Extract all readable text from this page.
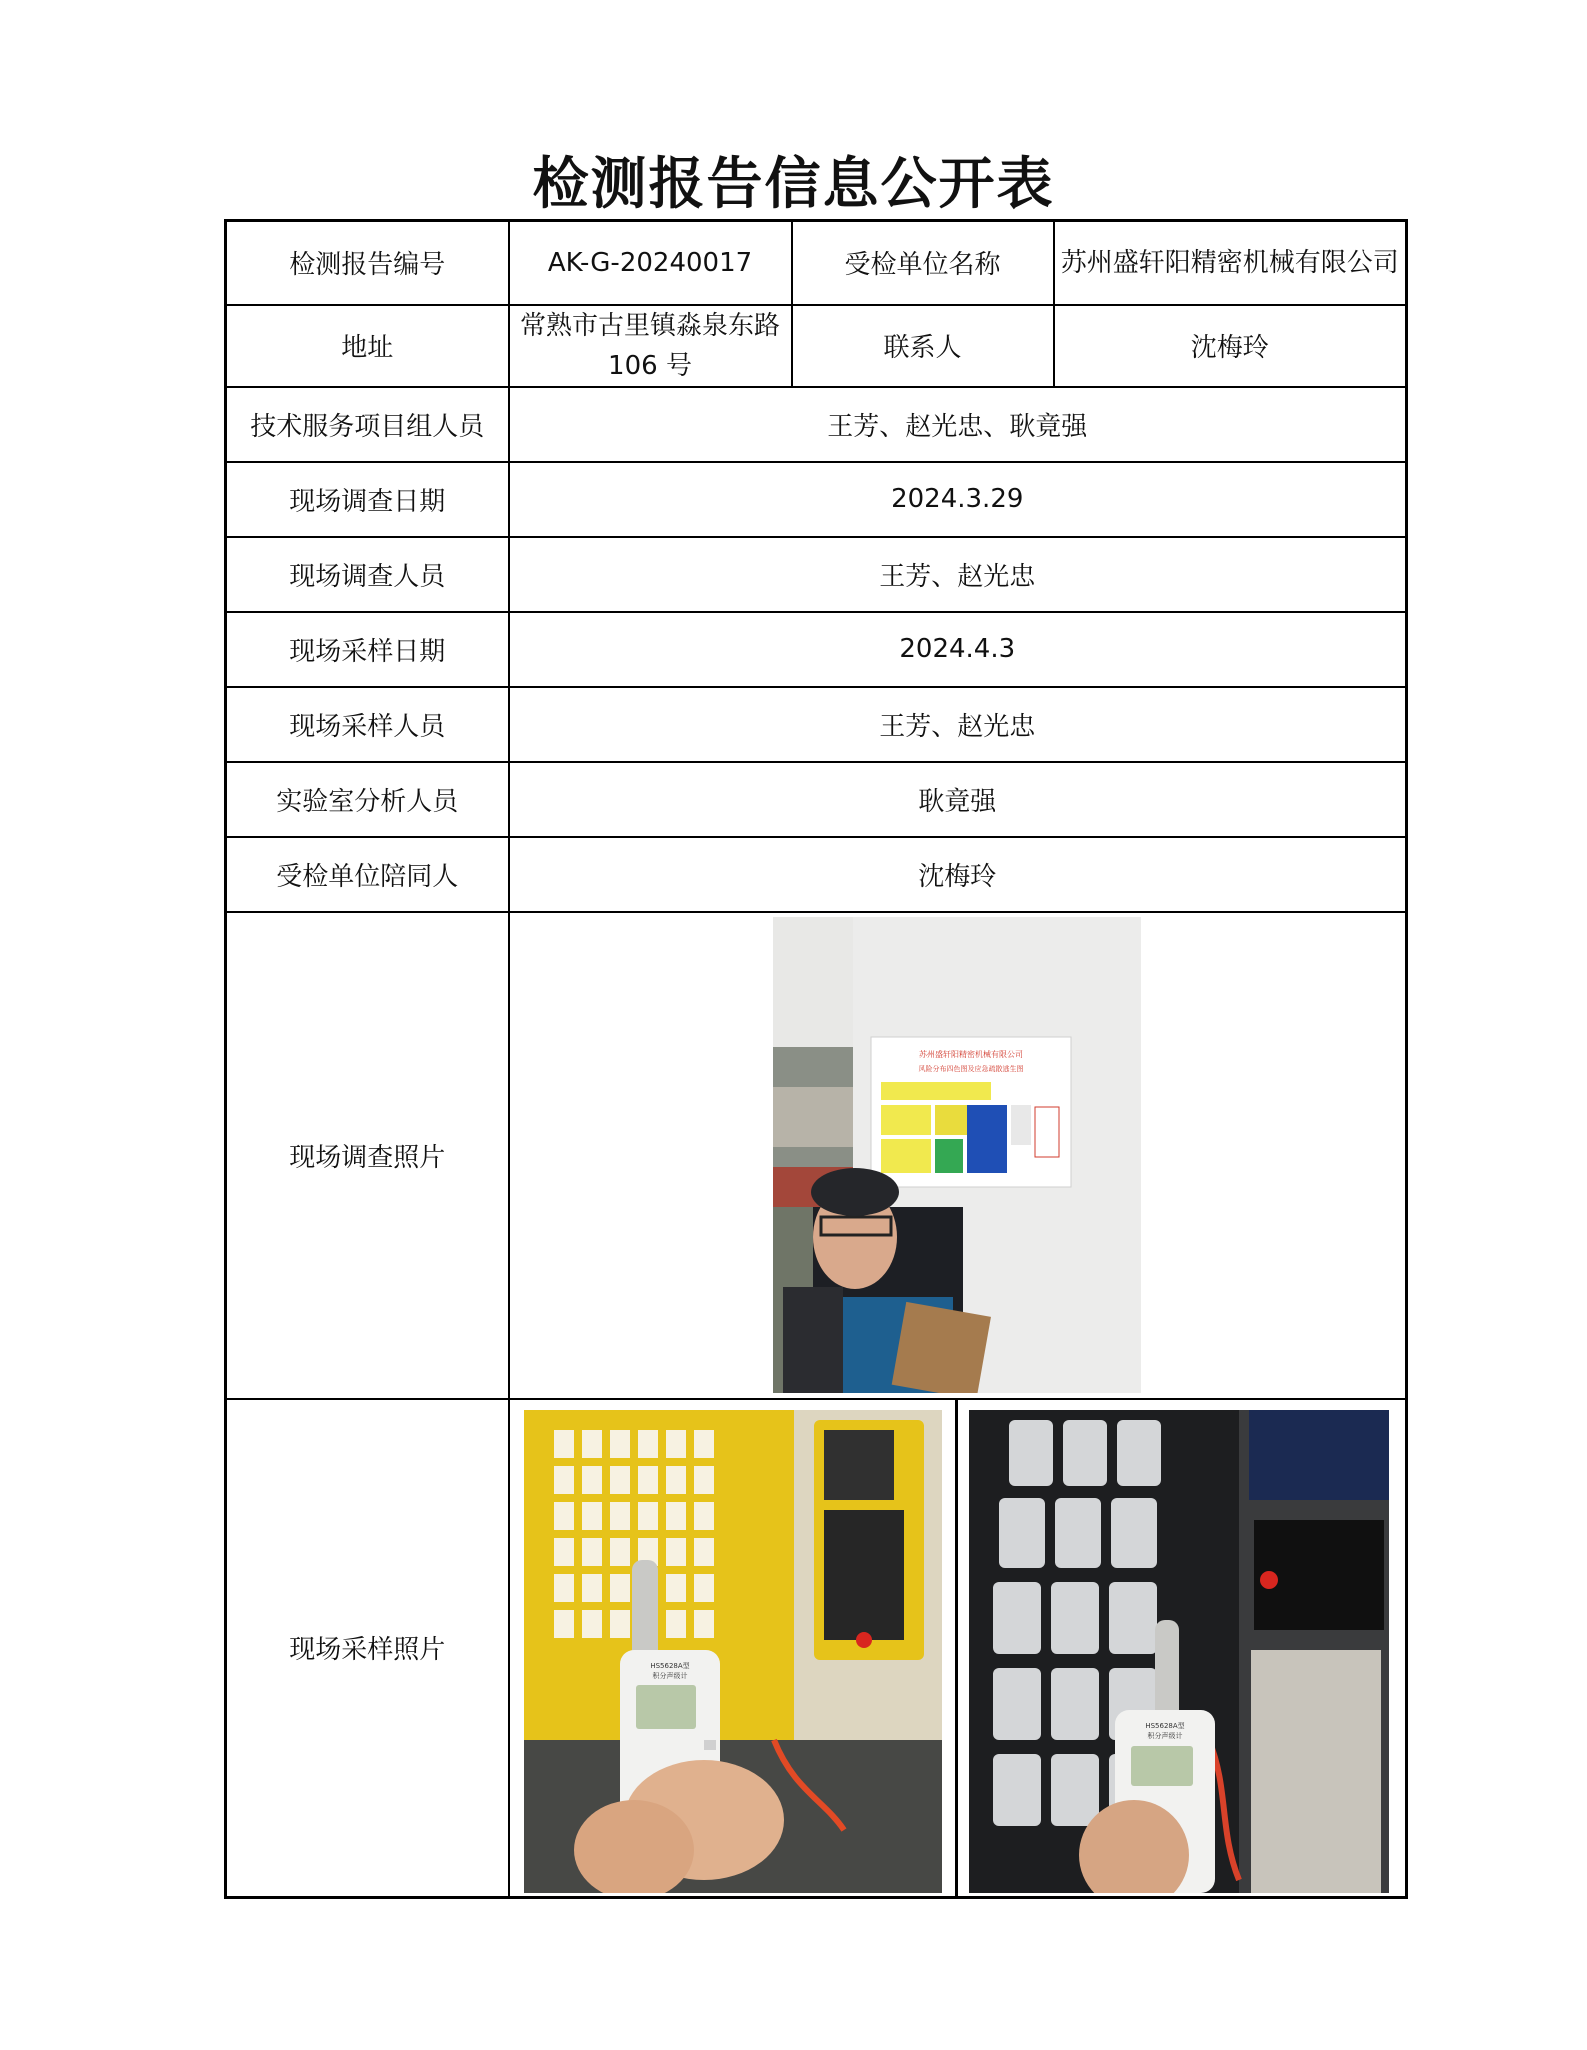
检测报告信息公开表
检测报告编号	AK-G-20240017	受检单位名称	苏州盛轩阳精密机械有限公司
地址	常熟市古里镇淼泉东路 106 号	联系人	沈梅玲
技术服务项目组人员	王芳、赵光忠、耿竟强		
现场调查日期	2024.3.29		
现场调查人员	王芳、赵光忠		
现场采样日期	2024.4.3		
现场采样人员	王芳、赵光忠		
实验室分析人员	耿竟强		
受检单位陪同人	沈梅玲		
现场调查照片	苏州盛轩阳精密机械有限公司
风险分布四色图及应急疏散逃生图		

现场采样照片	HS5628A型
积分声级计
HS5628A型
积分声级计		
